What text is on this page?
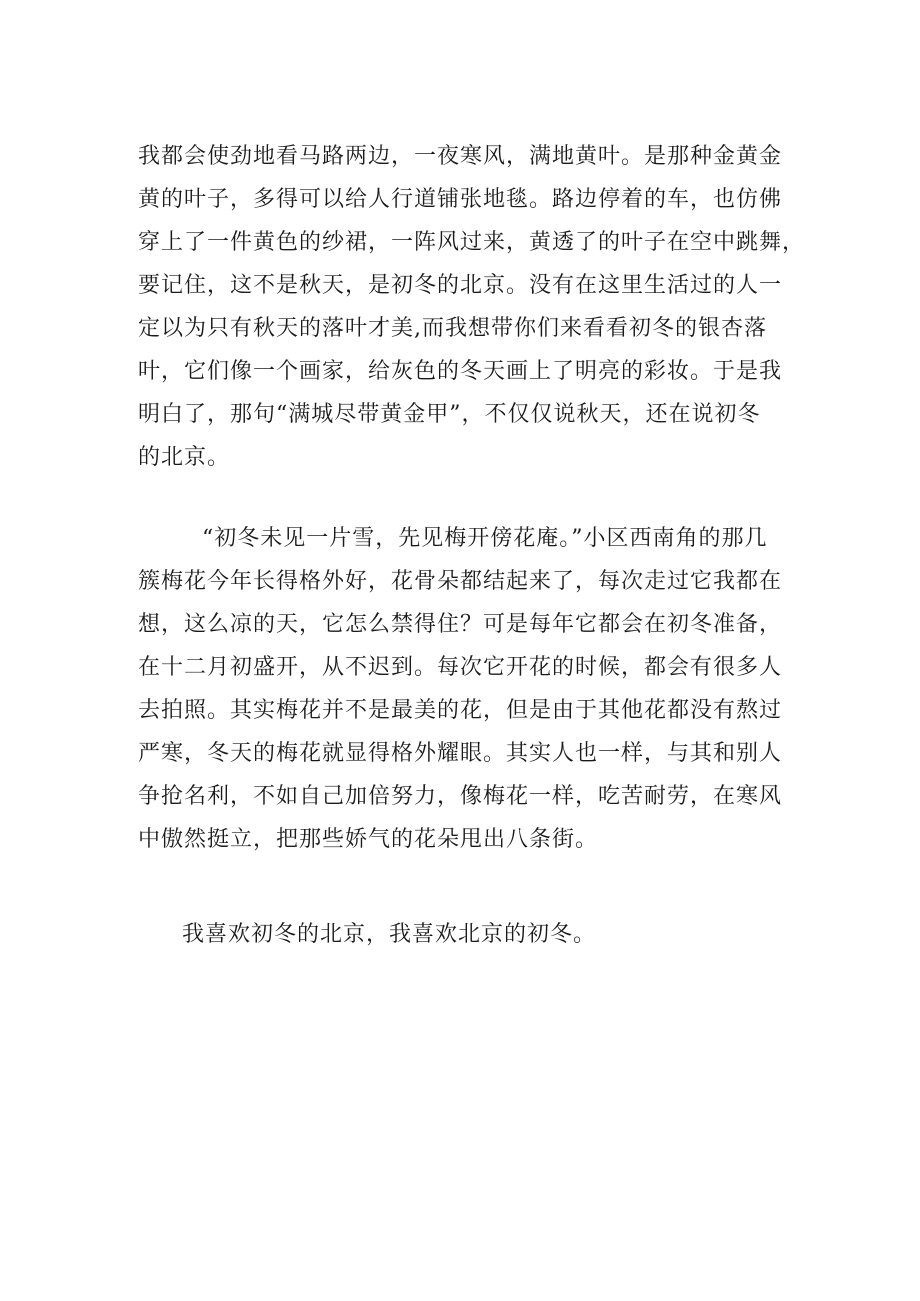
我都会使劲地看马路两边，一夜寒风，满地黄叶。是那种金黄金
黄的叶子，多得可以给人行道铺张地毯。路边停着的车，也仿佛
穿上了一件黄色的纱裙，一阵风过来，黄透了的叶子在空中跳舞，
要记住，这不是秋天，是初冬的北京。没有在这里生活过的人一
定以为只有秋天的落叶才美,而我想带你们来看看初冬的银杏落
叶，它们像一个画家，给灰色的冬天画上了明亮的彩妆。于是我
明白了，那句“满城尽带黄金甲”，不仅仅说秋天，还在说初冬
的北京。
“初冬未见一片雪，先见梅开傍花庵。”小区西南角的那几
簇梅花今年长得格外好，花骨朵都结起来了，每次走过它我都在
想，这么凉的天，它怎么禁得住？可是每年它都会在初冬准备，
在十二月初盛开，从不迟到。每次它开花的时候，都会有很多人
去拍照。其实梅花并不是最美的花，但是由于其他花都没有熬过
严寒，冬天的梅花就显得格外耀眼。其实人也一样，与其和别人
争抢名利，不如自己加倍努力，像梅花一样，吃苦耐劳，在寒风
中傲然挺立，把那些娇气的花朵甩出八条街。
我喜欢初冬的北京，我喜欢北京的初冬。
